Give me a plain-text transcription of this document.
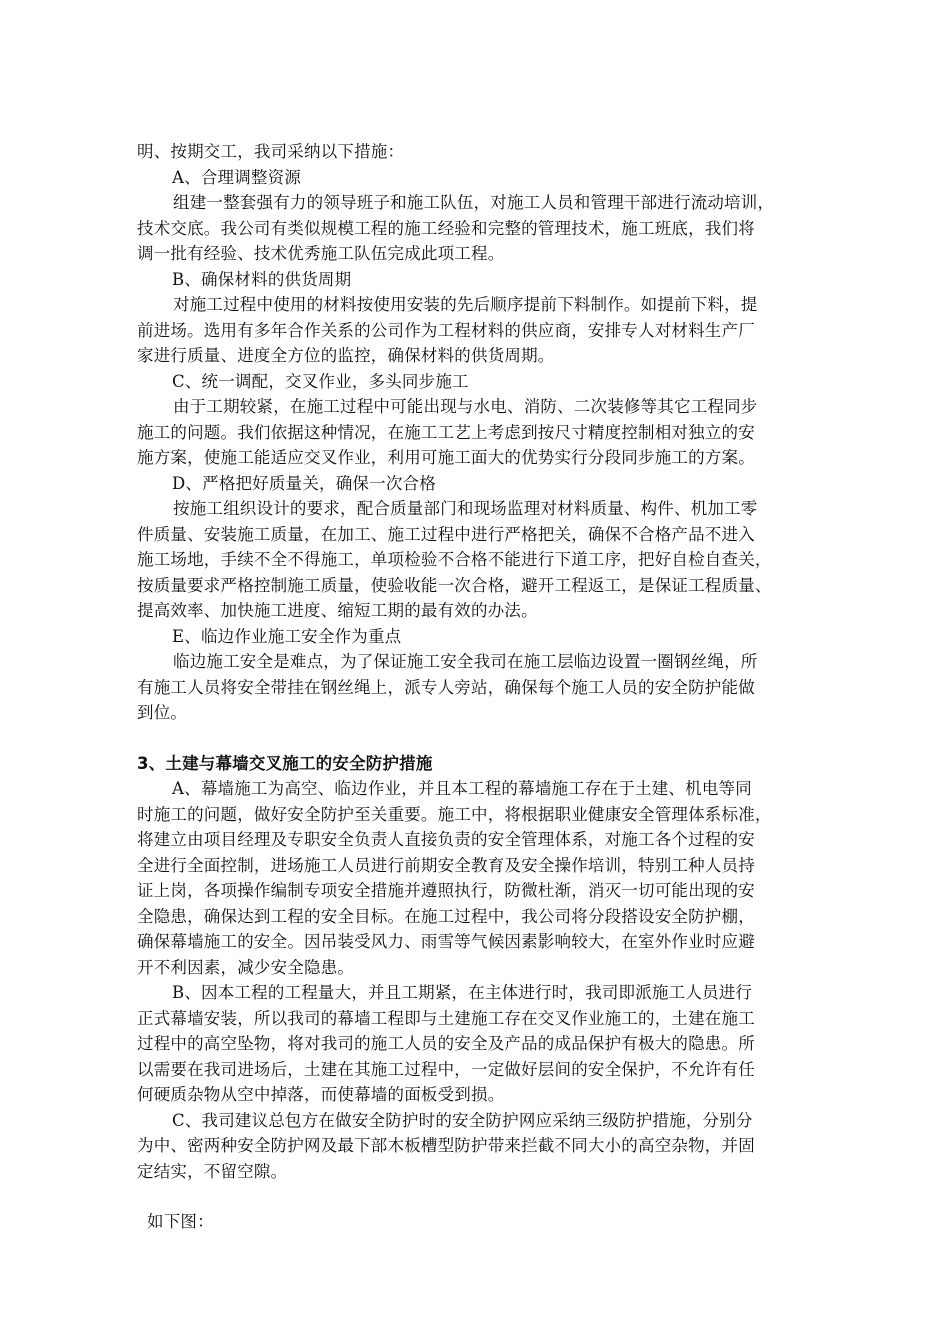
明、按期交工，我司采纳以下措施：
A、合理调整资源
组建一整套强有力的领导班子和施工队伍，对施工人员和管理干部进行流动培训，
技术交底。我公司有类似规模工程的施工经验和完整的管理技术，施工班底，我们将
调一批有经验、技术优秀施工队伍完成此项工程。
B、确保材料的供货周期
对施工过程中使用的材料按使用安装的先后顺序提前下料制作。如提前下料，提
前进场。选用有多年合作关系的公司作为工程材料的供应商，安排专人对材料生产厂
家进行质量、进度全方位的监控，确保材料的供货周期。
C、统一调配，交叉作业，多头同步施工
由于工期较紧，在施工过程中可能出现与水电、消防、二次装修等其它工程同步
施工的问题。我们依据这种情况，在施工工艺上考虑到按尺寸精度控制相对独立的安
施方案，使施工能适应交叉作业，利用可施工面大的优势实行分段同步施工的方案。
D、严格把好质量关，确保一次合格
按施工组织设计的要求，配合质量部门和现场监理对材料质量、构件、机加工零
件质量、安装施工质量，在加工、施工过程中进行严格把关，确保不合格产品不进入
施工场地，手续不全不得施工，单项检验不合格不能进行下道工序，把好自检自查关，
按质量要求严格控制施工质量，使验收能一次合格，避开工程返工，是保证工程质量、
提高效率、加快施工进度、缩短工期的最有效的办法。
E、临边作业施工安全作为重点
临边施工安全是难点，为了保证施工安全我司在施工层临边设置一圈钢丝绳，所
有施工人员将安全带挂在钢丝绳上，派专人旁站，确保每个施工人员的安全防护能做
到位。
3、土建与幕墙交叉施工的安全防护措施
A、幕墙施工为高空、临边作业，并且本工程的幕墙施工存在于土建、机电等同
时施工的问题，做好安全防护至关重要。施工中，将根据职业健康安全管理体系标准，
将建立由项目经理及专职安全负责人直接负责的安全管理体系，对施工各个过程的安
全进行全面控制，进场施工人员进行前期安全教育及安全操作培训，特别工种人员持
证上岗，各项操作编制专项安全措施并遵照执行，防微杜渐，消灭一切可能出现的安
全隐患，确保达到工程的安全目标。在施工过程中，我公司将分段搭设安全防护棚，
确保幕墙施工的安全。因吊装受风力、雨雪等气候因素影响较大，在室外作业时应避
开不利因素，减少安全隐患。
B、因本工程的工程量大，并且工期紧，在主体进行时，我司即派施工人员进行
正式幕墙安装，所以我司的幕墙工程即与土建施工存在交叉作业施工的，土建在施工
过程中的高空坠物，将对我司的施工人员的安全及产品的成品保护有极大的隐患。所
以需要在我司进场后，土建在其施工过程中，一定做好层间的安全保护，不允许有任
何硬质杂物从空中掉落，而使幕墙的面板受到损。
C、我司建议总包方在做安全防护时的安全防护网应采纳三级防护措施，分别分
为中、密两种安全防护网及最下部木板槽型防护带来拦截不同大小的高空杂物，并固
定结实，不留空隙。
如下图：
